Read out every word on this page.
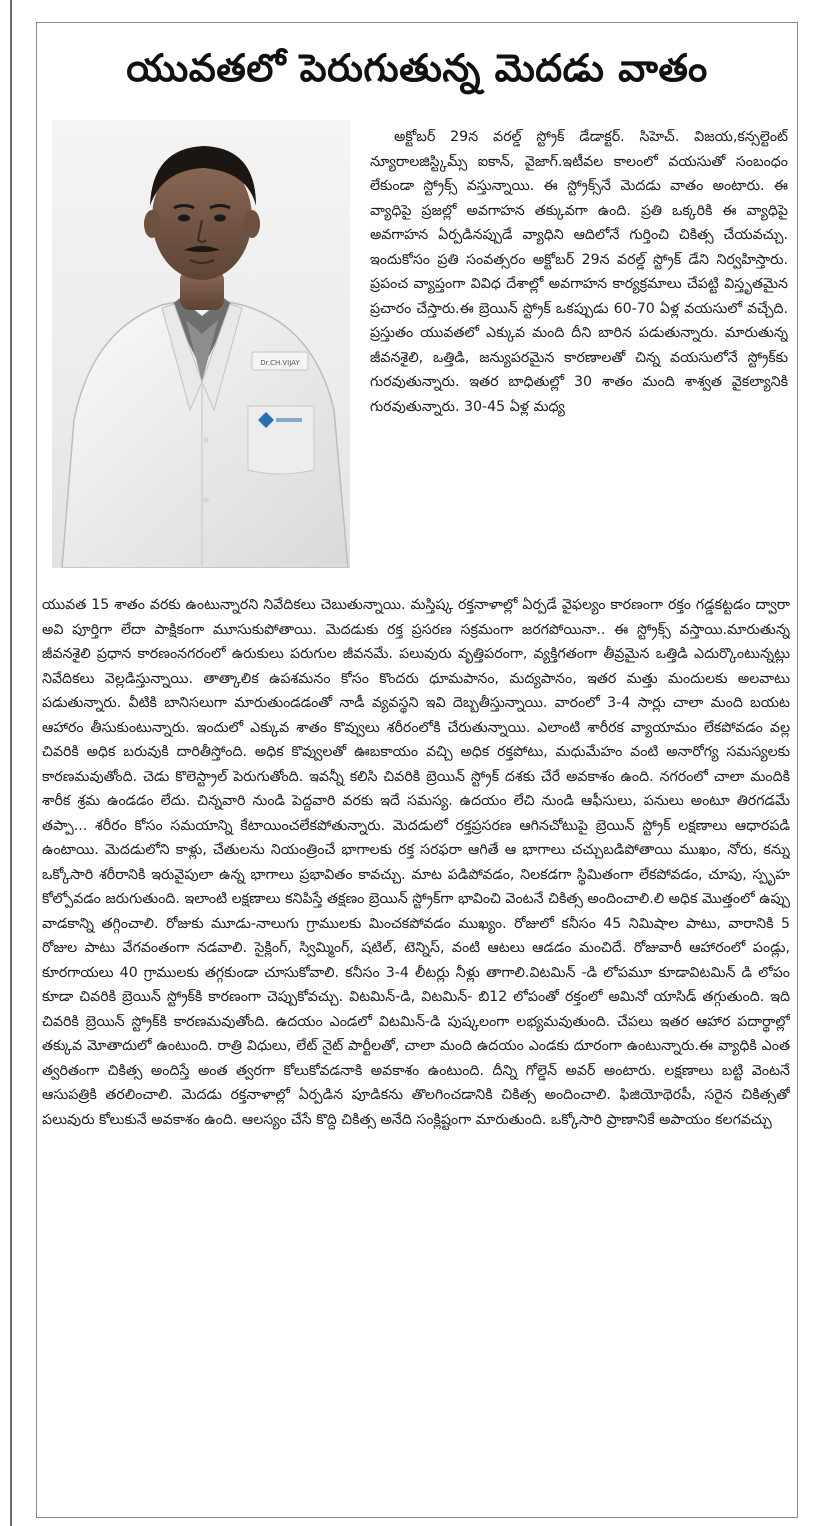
యువతలో పెరుగుతున్న మెదడు వాతం
Dr.CH.VIJAY
అక్టోబర్ 29న వరల్డ్ స్ట్రోక్ డేడాక్టర్. సిహెచ్. విజయ,కన్సల్టెంట్ న్యూరాలజిస్ట్కిమ్స్ ఐకాన్, వైజాగ్.ఇటీవల కాలంలో వయసుతో సంబంధం లేకుండా స్ట్రోక్స్ వస్తున్నాయి. ఈ స్ట్రోక్స్‌నే మెదడు వాతం అంటారు. ఈ వ్యాధిపై ప్రజల్లో అవగాహన తక్కువగా ఉంది. ప్రతి ఒక్కరికి ఈ వ్యాధిపై అవగాహన ఏర్పడినప్పుడే వ్యాధిని ఆదిలోనే గుర్తించి చికిత్స చేయవచ్చు. ఇందుకోసం ప్రతి సంవత్సరం అక్టోబర్ 29న వరల్డ్ స్ట్రోక్ డేని నిర్వహిస్తారు. ప్రపంచ వ్యాప్తంగా వివిధ దేశాల్లో అవగాహన కార్యక్రమాలు చేపట్టి విస్తృతమైన ప్రచారం చేస్తారు.ఈ బ్రెయిన్ స్ట్రోక్ ఒకప్పుడు 60-70 ఏళ్ల వయసులో వచ్చేది. ప్రస్తుతం యువతలో ఎక్కువ మంది దీని బారిన పడుతున్నారు. మారుతున్న జీవనశైలి, ఒత్తిడి, జన్యుపరమైన కారణాలతో చిన్న వయసులోనే స్ట్రోక్‌కు గురవుతున్నారు. ఇతర బాధితుల్లో 30 శాతం మంది శాశ్వత వైకల్యానికి గురవుతున్నారు. 30-45 ఏళ్ల మధ్య
యువత 15 శాతం వరకు ఉంటున్నారని నివేదికలు చెబుతున్నాయి. మస్తిష్క రక్తనాళాల్లో ఏర్పడే వైఫల్యం కారణంగా రక్తం గడ్డకట్టడం ద్వారా అవి పూర్తిగా లేదా పాక్షికంగా మూసుకుపోతాయి. మెదడుకు రక్త ప్రసరణ సక్రమంగా జరగపోయినా.. ఈ స్ట్రోక్స్ వస్తాయి.మారుతున్న జీవనశైలి ప్రధాన కారణంనగరంలో ఉరుకులు పరుగుల జీవనమే. పలువురు వృత్తిపరంగా, వ్యక్తిగతంగా తీవ్రమైన ఒత్తిడి ఎదుర్కొంటున్నట్లు నివేదికలు వెల్లడిస్తున్నాయి. తాత్కాలిక ఉపశమనం కోసం కొందరు ధూమపానం, మద్యపానం, ఇతర మత్తు మందులకు అలవాటు పడుతున్నారు. వీటికి బానిసలుగా మారుతుండడంతో నాడీ వ్యవస్థని ఇవి దెబ్బతీస్తున్నాయి. వారంలో 3-4 సార్లు చాలా మంది బయట ఆహారం తీసుకుంటున్నారు. ఇందులో ఎక్కువ శాతం కొవ్వులు శరీరంలోకి చేరుతున్నాయి. ఎలాంటి శారీరక వ్యాయామం లేకపోవడం వల్ల చివరికి అధిక బరువుకి దారితీస్తోంది. అధిక కొవ్వులతో ఊబకాయం వచ్చి అధిక రక్తపోటు, మధుమేహం వంటి అనారోగ్య సమస్యలకు కారణమవుతోంది. చెడు కొలెస్ట్రాల్ పెరుగుతోంది. ఇవన్నీ కలిసి చివరికి బ్రెయిన్ స్ట్రోక్ దశకు చేరే అవకాశం ఉంది. నగరంలో చాలా మందికి శారీక శ్రమ ఉండడం లేదు. చిన్నవారి నుండి పెద్దవారి వరకు ఇదే సమస్య. ఉదయం లేచి నుండి ఆఫీసులు, పనులు అంటూ తిరగడమే తప్పా... శరీరం కోసం సమయాన్ని కేటాయించలేకపోతున్నారు. మెదడులో రక్తప్రసరణ ఆగినచోటుపై బ్రెయిన్ స్ట్రోక్ లక్షణాలు ఆధారపడి ఉంటాయి. మెదడులోని కాళ్లు, చేతులను నియంత్రించే భాగాలకు రక్త సరఫరా ఆగితే ఆ భాగాలు చచ్చుబడిపోతాయి ముఖం, నోరు, కన్ను ఒక్కోసారి శరీరానికి ఇరువైపులా ఉన్న భాగాలు ప్రభావితం కావచ్చు. మాట పడిపోవడం, నిలకడగా స్థిమితంగా లేకపోవడం, చూపు, స్పృహ కోల్పోవడం జరుగుతుంది. ఇలాంటి లక్షణాలు కనిపిస్తే తక్షణం బ్రెయిన్ స్ట్రోక్‌గా భావించి వెంటనే చికిత్స అందించాలి.లి అధిక మొత్తంలో ఉప్పు వాడకాన్ని తగ్గించాలి. రోజుకు మూడు-నాలుగు గ్రాములకు మించకపోవడం ముఖ్యం. రోజులో కనీసం 45 నిమిషాల పాటు, వారానికి 5 రోజుల పాటు వేగవంతంగా నడవాలి. సైక్లింగ్, స్విమ్మింగ్, షటిల్, టెన్నిస్, వంటి ఆటలు ఆడడం మంచిదే. రోజువారీ ఆహారంలో పండ్లు, కూరగాయలు 40 గ్రాములకు తగ్గకుండా చూసుకోవాలి. కనీసం 3-4 లీటర్లు నీళ్లు తాగాలి.విటమిన్ -డి లోపమూ కూడావిటమిన్ డి లోపం కూడా చివరికి బ్రెయిన్ స్ట్రోక్‌కి కారణంగా చెప్పుకోవచ్చు. విటమిన్-డి, విటమిన్- బి12 లోపంతో రక్తంలో అమినో యాసిడ్ తగ్గుతుంది. ఇది చివరికి బ్రెయిన్ స్ట్రోక్‌కి కారణమవుతోంది. ఉదయం ఎండలో విటమిన్-డి పుష్కలంగా లభ్యమవుతుంది. చేపలు ఇతర ఆహార పదార్థాల్లో తక్కువ మోతాదులో ఉంటుంది. రాత్రి విధులు, లేట్ నైట్ పార్టీలతో, చాలా మంది ఉదయం ఎండకు దూరంగా ఉంటున్నారు.ఈ వ్యాధికి ఎంత త్వరితంగా చికిత్స అందిస్తే అంత త్వరగా కోలుకోవడనాకి అవకాశం ఉంటుంది. దీన్ని గోల్డెన్ అవర్ అంటారు. లక్షణాలు బట్టి వెంటనే ఆసుపత్రికి తరలించాలి. మెదడు రక్తనాళాల్లో ఏర్పడిన పూడికను తొలగించడానికి చికిత్స అందించాలి. ఫిజియోథెరపీ, సరైన చికిత్సతో పలువురు కోలుకునే అవకాశం ఉంది. ఆలస్యం చేసే కొద్ది చికిత్స అనేది సంక్లిష్టంగా మారుతుంది. ఒక్కోసారి ప్రాణానికే అపాయం కలగవచ్చు
